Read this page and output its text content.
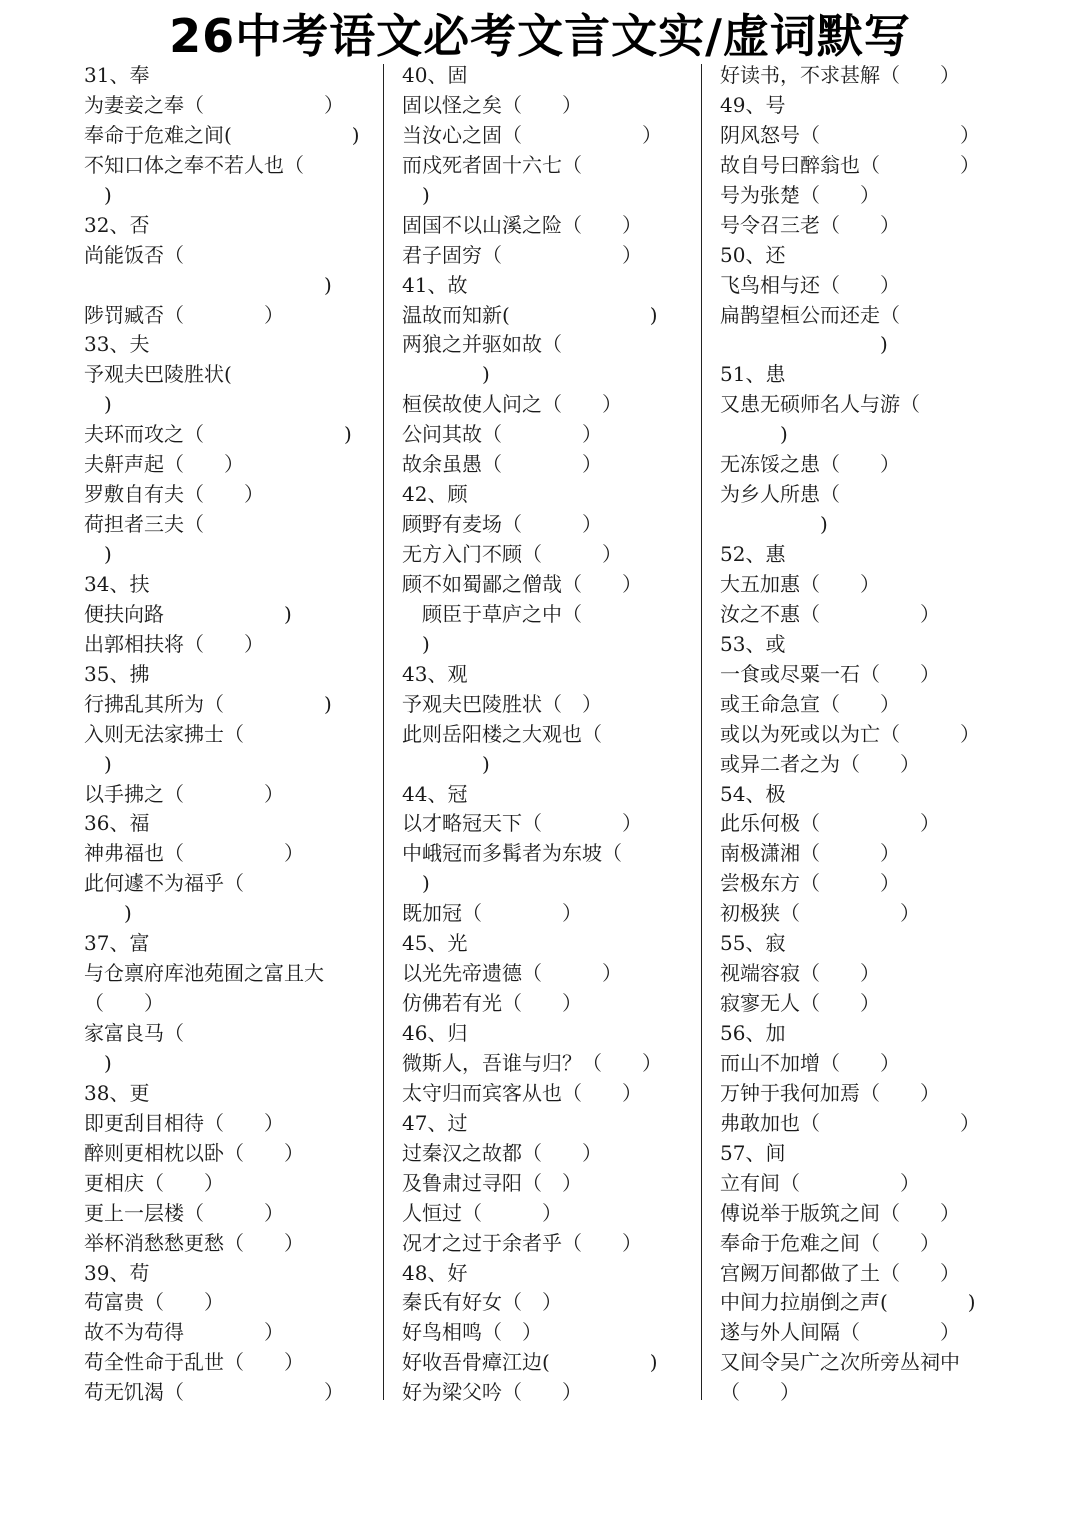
26中考语文必考文言文实/虚词默写
31、奉
为妻妾之奉（　　　　　　）
奉命于危难之间(　　　　　　)
不知口体之奉不若人也（
　)
32、否
尚能饭否（
　　　　　　　　　　　　)
陟罚臧否（　　　　）
33、夫
予观夫巴陵胜状(
　)
夫环而攻之（　　　　　　　)
夫鼾声起（　　）
罗敷自有夫（　　）
荷担者三夫（
　)
34、扶
便扶向路　　　　　　)
出郭相扶将（　　）
35、拂
行拂乱其所为（　　　　　)
入则无法家拂士（
　)
以手拂之（　　　　）
36、福
神弗福也（　　　　　）
此何遽不为福乎（
　　)
37、富
与仓禀府库池苑囿之富且大
（　　）
家富良马（
　)
38、更
即更刮目相待（　　）
醉则更相枕以卧（　　）
更相庆（　　）
更上一层楼（　　　）
举杯消愁愁更愁（　　）
39、苟
苟富贵（　　）
故不为苟得　　　　）
苟全性命于乱世（　　）
苟无饥渴（　　　　　　　）
40、固
固以怪之矣（　　）
当汝心之固（　　　　　　）
而戍死者固十六七（
　)
固国不以山溪之险（　　）
君子固穷（　　　　　　）
41、故
温故而知新(　　　　　　　)
两狼之并驱如故（
　　　　)
桓侯故使人问之（　　）
公问其故（　　　　）
故余虽愚（　　　　）
42、顾
顾野有麦场（　　　）
无方入门不顾（　　　）
顾不如蜀鄙之僧哉（　　）
　顾臣于草庐之中（
　)
43、观
予观夫巴陵胜状（　）
此则岳阳楼之大观也（
　　　　)
44、冠
以才略冠天下（　　　　）
中峨冠而多髯者为东坡（
　)
既加冠（　　　　）
45、光
以光先帝遗德（　　　）
仿佛若有光（　　）
46、归
微斯人，吾谁与归？（　　）
太守归而宾客从也（　　）
47、过
过秦汉之故都（　　）
及鲁肃过寻阳（　）
人恒过（　　　）
况才之过于余者乎（　　）
48、好
秦氏有好女（　）
好鸟相鸣（　）
好收吾骨瘴江边(　　　　　)
好为梁父吟（　　）
好读书，不求甚解（　　）
49、号
阴风怒号（　　　　　　　）
故自号曰醉翁也（　　　　）
号为张楚（　　）
号令召三老（　　）
50、还
飞鸟相与还（　　）
扁鹊望桓公而还走（
　　　　　　　　)
51、患
又患无硕师名人与游（
　　　)
无冻馁之患（　　）
为乡人所患（
　　　　　)
52、惠
大五加惠（　　）
汝之不惠（　　　　　）
53、或
一食或尽粟一石（　　）
或王命急宣（　　）
或以为死或以为亡（　　　）
或异二者之为（　　）
54、极
此乐何极（　　　　　）
南极潇湘（　　　）
尝极东方（　　　）
初极狭（　　　　　）
55、寂
视端容寂（　　）
寂寥无人（　　）
56、加
而山不加增（　　）
万钟于我何加焉（　　）
弗敢加也（　　　　　　　）
57、间
立有间（　　　　　）
傅说举于版筑之间（　　）
奉命于危难之间（　　）
宫阙万间都做了土（　　）
中间力拉崩倒之声(　　　　)
遂与外人间隔（　　　　）
又间令吴广之次所旁丛祠中
（　　）
